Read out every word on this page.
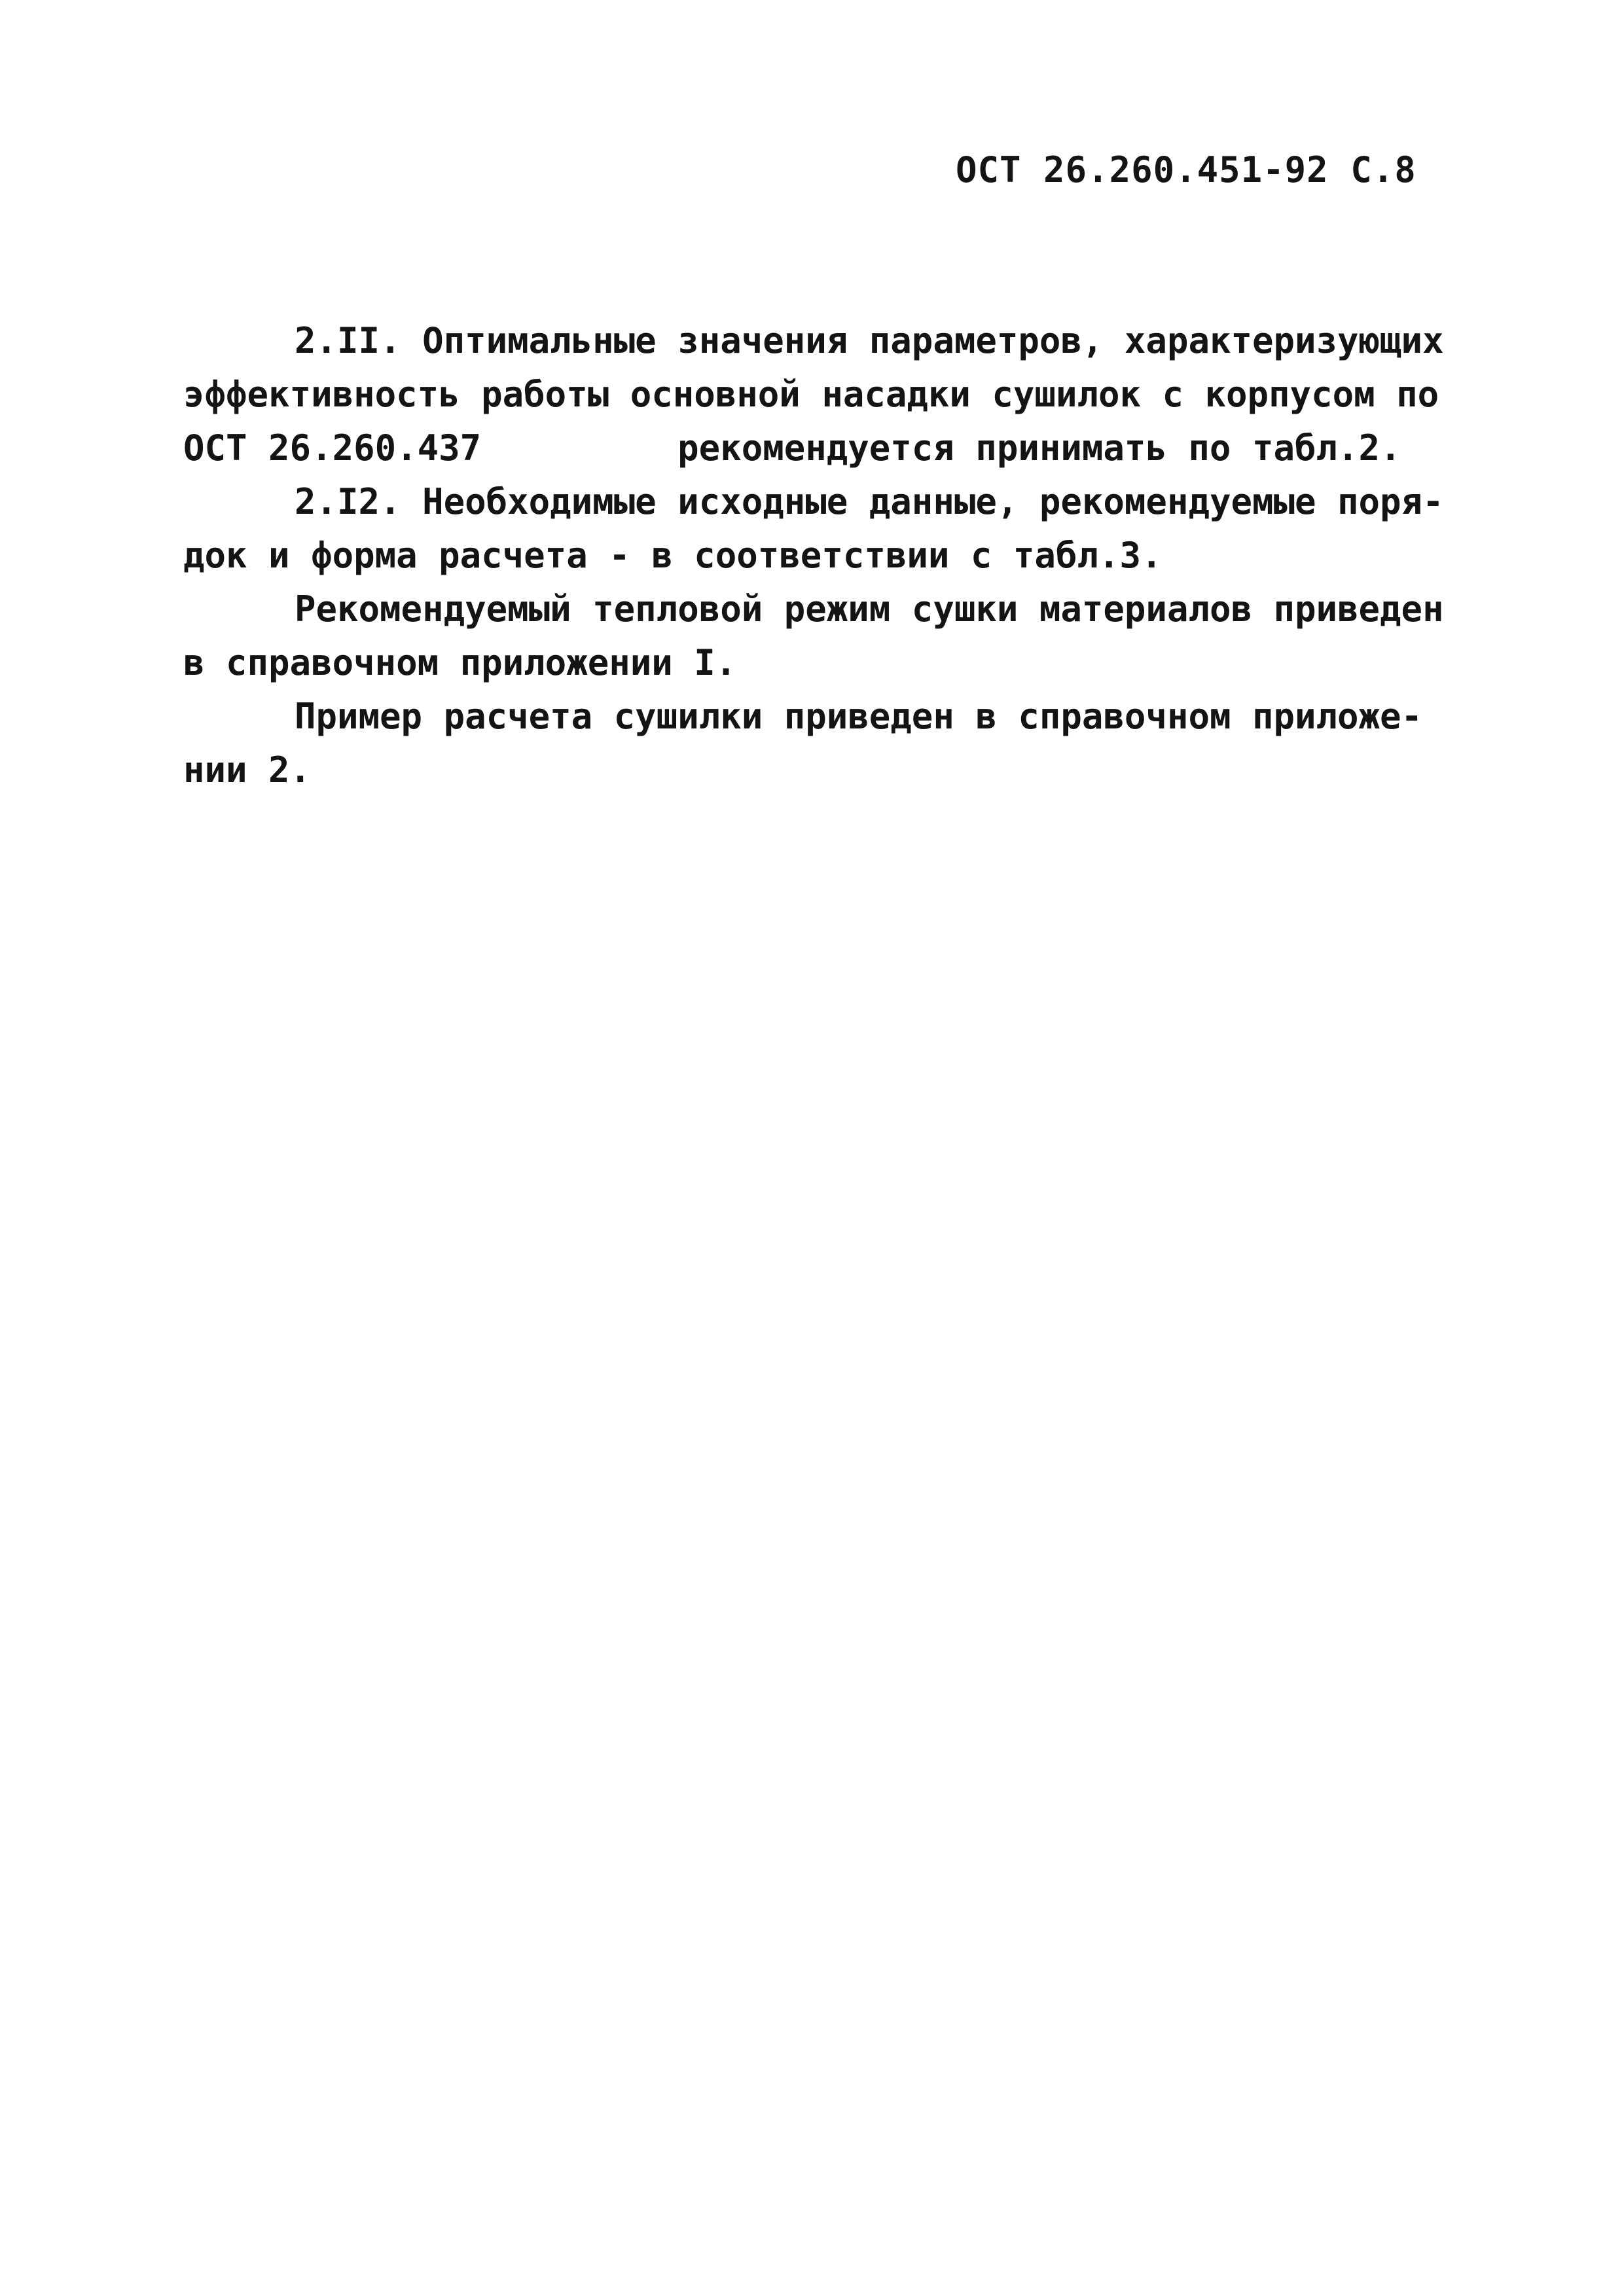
ОСТ 26.260.451-92 С.8
2.II. Оптимальные значения параметров, характеризующих
эффективность работы основной насадки сушилок с корпусом по
ОСТ 26.260.437	рекомендуется принимать по табл.2.
2.I2. Необходимые исходные данные, рекомендуемые поря-
док и форма расчета - в соответствии с табл.3.
Рекомендуемый тепловой режим сушки материалов приведен
в справочном приложении I.
Пример расчета сушилки приведен в справочном приложе-
нии 2.
